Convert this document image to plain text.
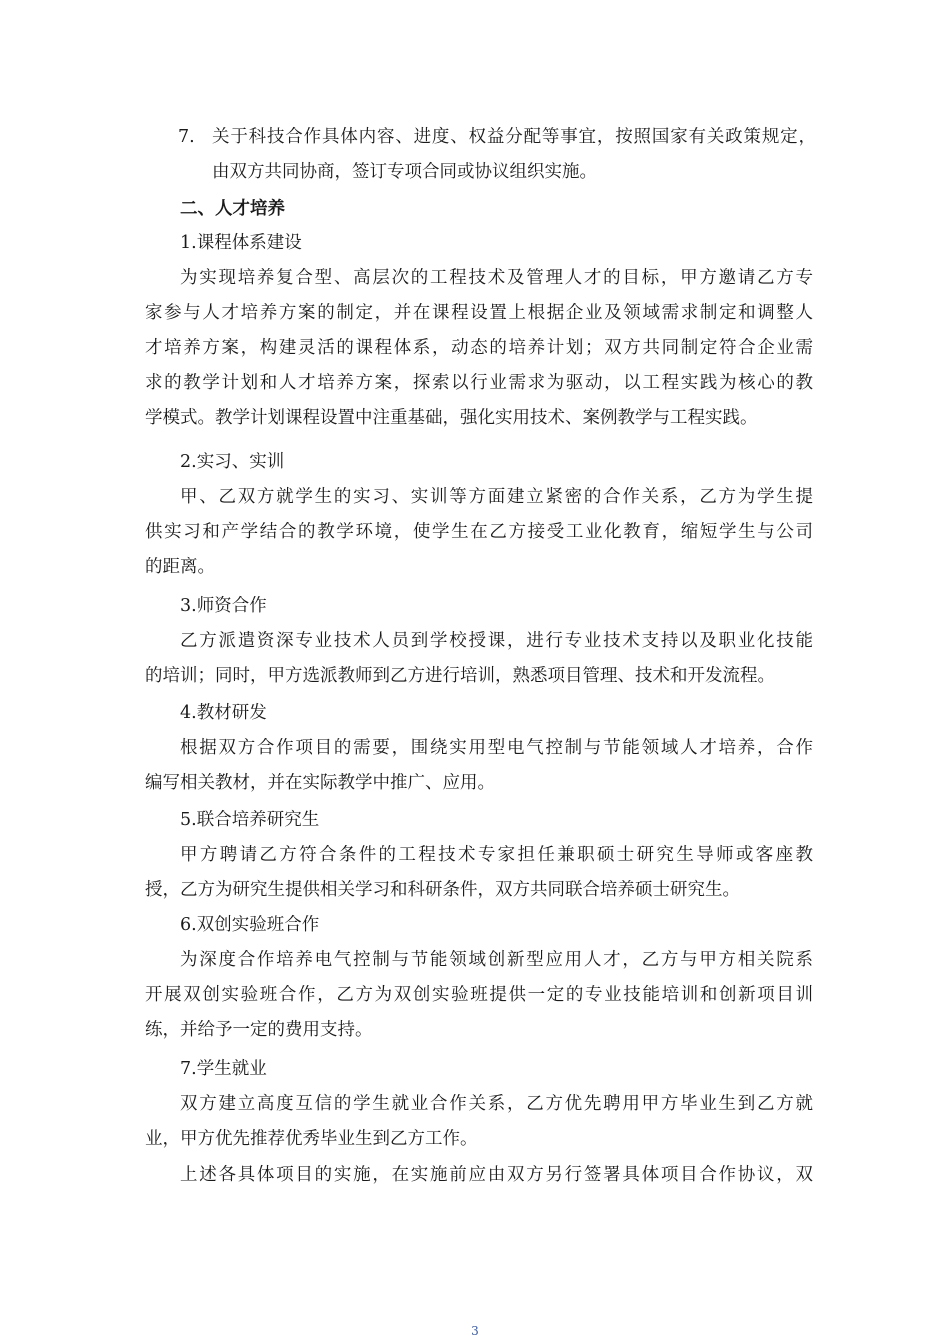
7. 关于科技合作具体内容、进度、权益分配等事宜，按照国家有关政策规定，
由双方共同协商，签订专项合同或协议组织实施。
二、人才培养
1.课程体系建设
为实现培养复合型、高层次的工程技术及管理人才的目标，甲方邀请乙方专
家参与人才培养方案的制定，并在课程设置上根据企业及领域需求制定和调整人
才培养方案，构建灵活的课程体系，动态的培养计划；双方共同制定符合企业需
求的教学计划和人才培养方案，探索以行业需求为驱动，以工程实践为核心的教
学模式。教学计划课程设置中注重基础，强化实用技术、案例教学与工程实践。
2.实习、实训
甲、乙双方就学生的实习、实训等方面建立紧密的合作关系，乙方为学生提
供实习和产学结合的教学环境，使学生在乙方接受工业化教育，缩短学生与公司
的距离。
3.师资合作
乙方派遣资深专业技术人员到学校授课，进行专业技术支持以及职业化技能
的培训；同时，甲方选派教师到乙方进行培训，熟悉项目管理、技术和开发流程。
4.教材研发
根据双方合作项目的需要，围绕实用型电气控制与节能领域人才培养，合作
编写相关教材，并在实际教学中推广、应用。
5.联合培养研究生
甲方聘请乙方符合条件的工程技术专家担任兼职硕士研究生导师或客座教
授，乙方为研究生提供相关学习和科研条件，双方共同联合培养硕士研究生。
6.双创实验班合作
为深度合作培养电气控制与节能领域创新型应用人才，乙方与甲方相关院系
开展双创实验班合作，乙方为双创实验班提供一定的专业技能培训和创新项目训
练，并给予一定的费用支持。
7.学生就业
双方建立高度互信的学生就业合作关系，乙方优先聘用甲方毕业生到乙方就
业，甲方优先推荐优秀毕业生到乙方工作。
上述各具体项目的实施，在实施前应由双方另行签署具体项目合作协议，双
3
